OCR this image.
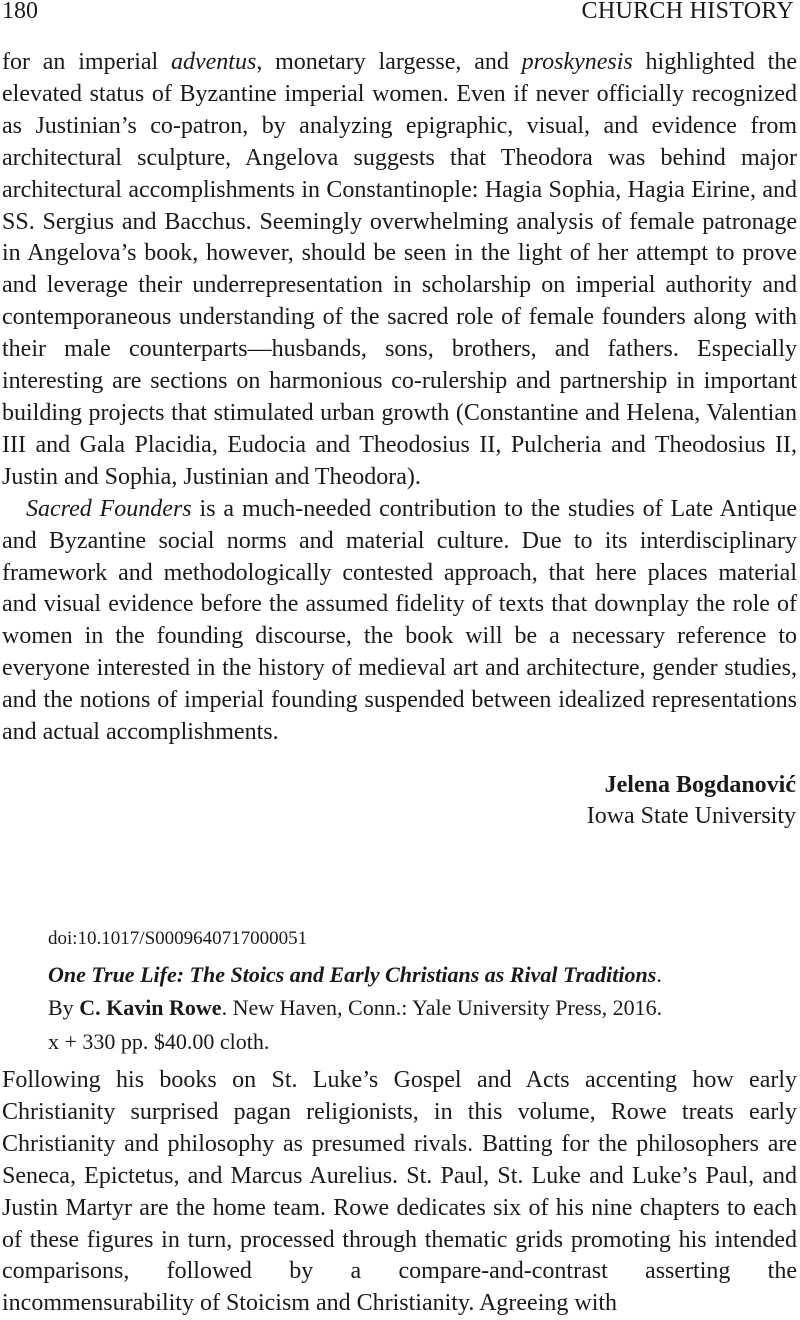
180	CHURCH HISTORY

for an imperial adventus, monetary largesse, and proskynesis highlighted the elevated status of Byzantine imperial women. Even if never officially recognized as Justinian’s co-patron, by analyzing epigraphic, visual, and evidence from architectural sculpture, Angelova suggests that Theodora was behind major architectural accomplishments in Constantinople: Hagia Sophia, Hagia Eirine, and SS. Sergius and Bacchus. Seemingly overwhelming analysis of female patronage in Angelova’s book, however, should be seen in the light of her attempt to prove and leverage their underrepresentation in scholarship on imperial authority and contemporaneous understanding of the sacred role of female founders along with their male counterparts—husbands, sons, brothers, and fathers. Especially interesting are sections on harmonious co-rulership and partnership in important building projects that stimulated urban growth (Constantine and Helena, Valentian III and Gala Placidia, Eudocia and Theodosius II, Pulcheria and Theodosius II, Justin and Sophia, Justinian and Theodora).

Sacred Founders is a much-needed contribution to the studies of Late Antique and Byzantine social norms and material culture. Due to its interdisciplinary framework and methodologically contested approach, that here places material and visual evidence before the assumed fidelity of texts that downplay the role of women in the founding discourse, the book will be a necessary reference to everyone interested in the history of medieval art and architecture, gender studies, and the notions of imperial founding suspended between idealized representations and actual accomplishments.

Jelena Bogdanović
Iowa State University
doi:10.1017/S0009640717000051
One True Life: The Stoics and Early Christians as Rival Traditions.
By C. Kavin Rowe. New Haven, Conn.: Yale University Press, 2016.
x + 330 pp. $40.00 cloth.

Following his books on St. Luke’s Gospel and Acts accenting how early Christianity surprised pagan religionists, in this volume, Rowe treats early Christianity and philosophy as presumed rivals. Batting for the philosophers are Seneca, Epictetus, and Marcus Aurelius. St. Paul, St. Luke and Luke’s Paul, and Justin Martyr are the home team. Rowe dedicates six of his nine chapters to each of these figures in turn, processed through thematic grids promoting his intended comparisons, followed by a compare-and-contrast asserting the incommensurability of Stoicism and Christianity. Agreeing with
